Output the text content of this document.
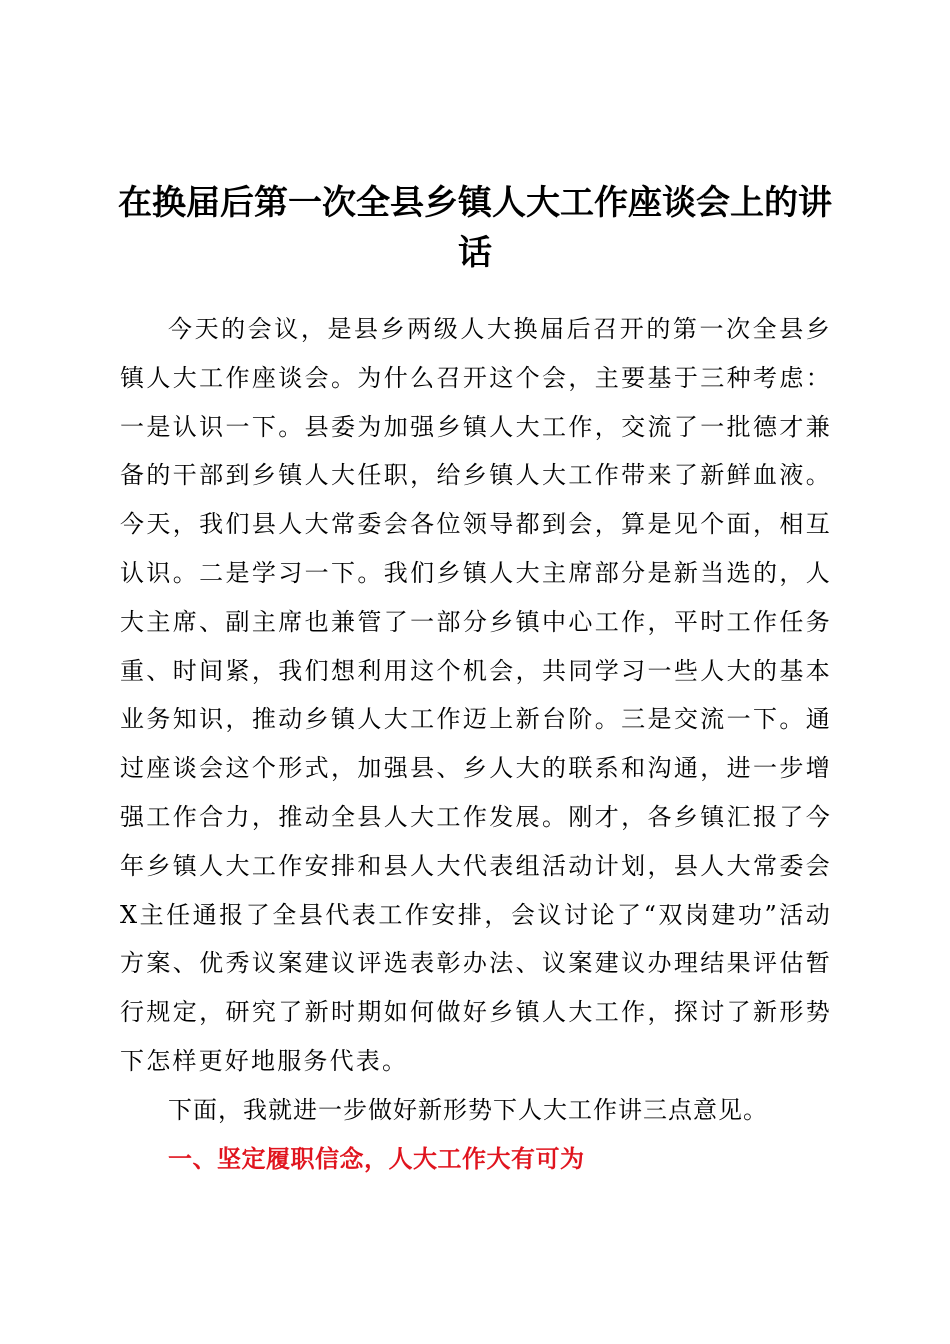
在换届后第一次全县乡镇人大工作座谈会上的讲话

今天的会议，是县乡两级人大换届后召开的第一次全县乡镇人大工作座谈会。为什么召开这个会，主要基于三种考虑：一是认识一下。县委为加强乡镇人大工作，交流了一批德才兼备的干部到乡镇人大任职，给乡镇人大工作带来了新鲜血液。今天，我们县人大常委会各位领导都到会，算是见个面，相互认识。二是学习一下。我们乡镇人大主席部分是新当选的，人大主席、副主席也兼管了一部分乡镇中心工作，平时工作任务重、时间紧，我们想利用这个机会，共同学习一些人大的基本业务知识，推动乡镇人大工作迈上新台阶。三是交流一下。通过座谈会这个形式，加强县、乡人大的联系和沟通，进一步增强工作合力，推动全县人大工作发展。刚才，各乡镇汇报了今年乡镇人大工作安排和县人大代表组活动计划，县人大常委会X主任通报了全县代表工作安排，会议讨论了“双岗建功”活动方案、优秀议案建议评选表彰办法、议案建议办理结果评估暂行规定，研究了新时期如何做好乡镇人大工作，探讨了新形势下怎样更好地服务代表。

下面，我就进一步做好新形势下人大工作讲三点意见。

一、坚定履职信念，人大工作大有可为
